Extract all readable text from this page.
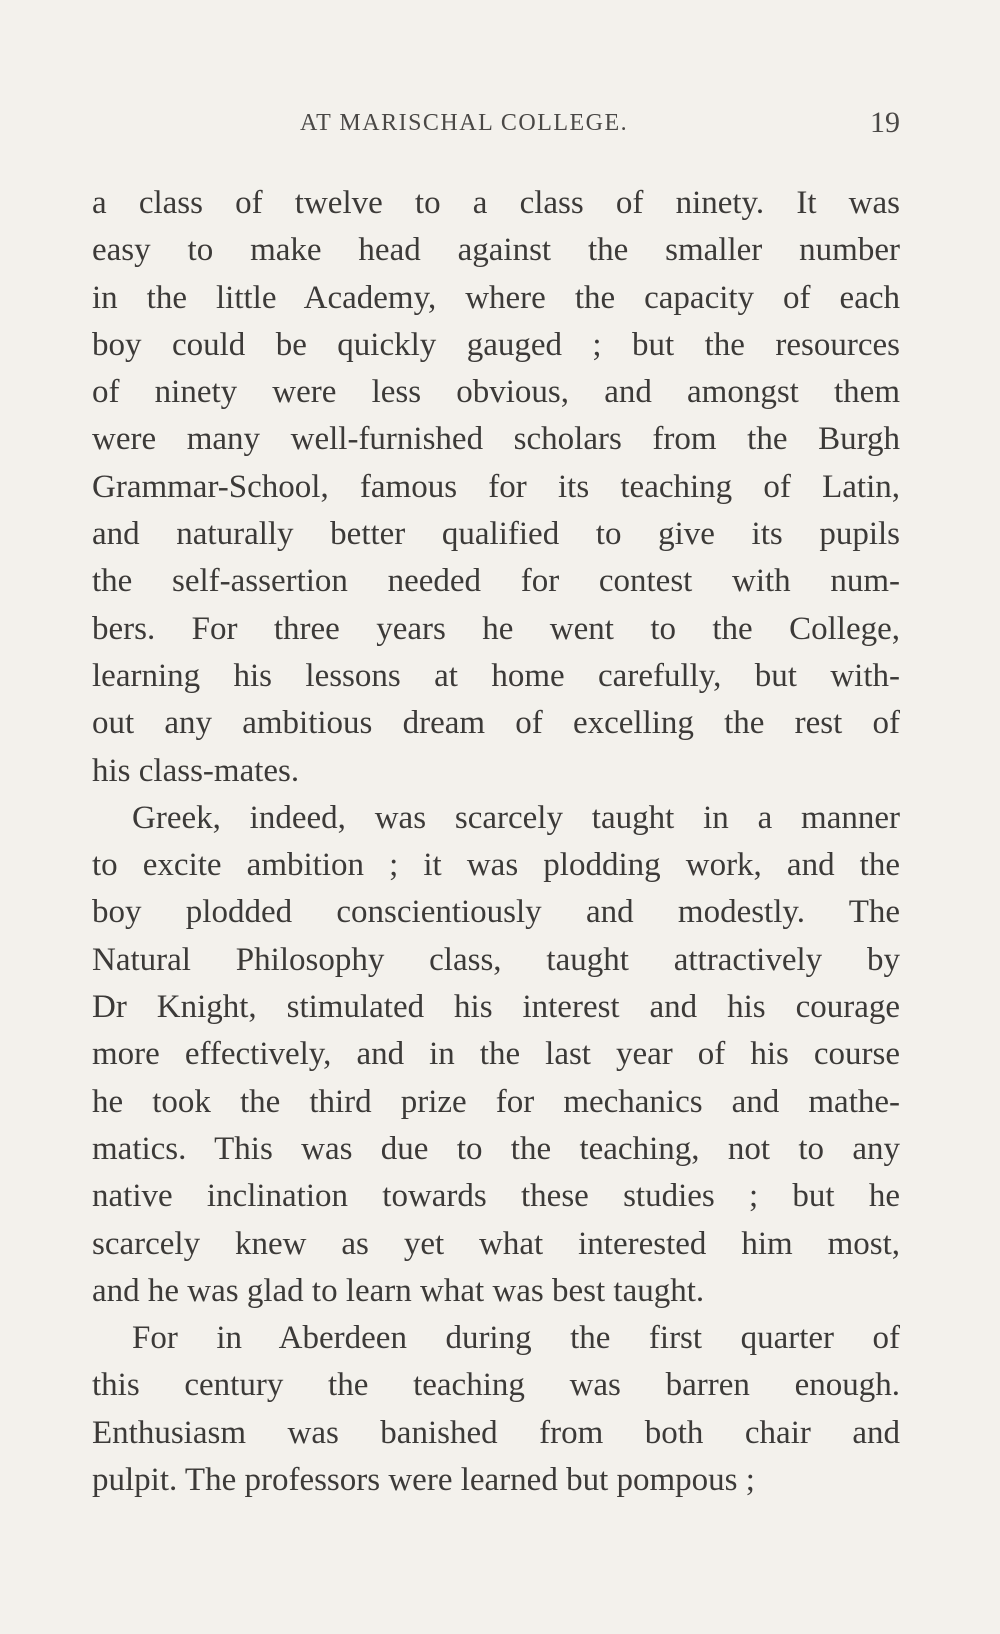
AT MARISCHAL COLLEGE.	19
a class of twelve to a class of ninety. It was
easy to make head against the smaller number
in the little Academy, where the capacity of each
boy could be quickly gauged ; but the resources
of ninety were less obvious, and amongst them
were many well-furnished scholars from the Burgh
Grammar-School, famous for its teaching of Latin,
and naturally better qualified to give its pupils
the self-assertion needed for contest with num-
bers. For three years he went to the College,
learning his lessons at home carefully, but with-
out any ambitious dream of excelling the rest of
his class-mates.
Greek, indeed, was scarcely taught in a manner
to excite ambition ; it was plodding work, and the
boy plodded conscientiously and modestly. The
Natural Philosophy class, taught attractively by
Dr Knight, stimulated his interest and his courage
more effectively, and in the last year of his course
he took the third prize for mechanics and mathe-
matics. This was due to the teaching, not to any
native inclination towards these studies ; but he
scarcely knew as yet what interested him most,
and he was glad to learn what was best taught.
For in Aberdeen during the first quarter of
this century the teaching was barren enough.
Enthusiasm was banished from both chair and
pulpit. The professors were learned but pompous ;
